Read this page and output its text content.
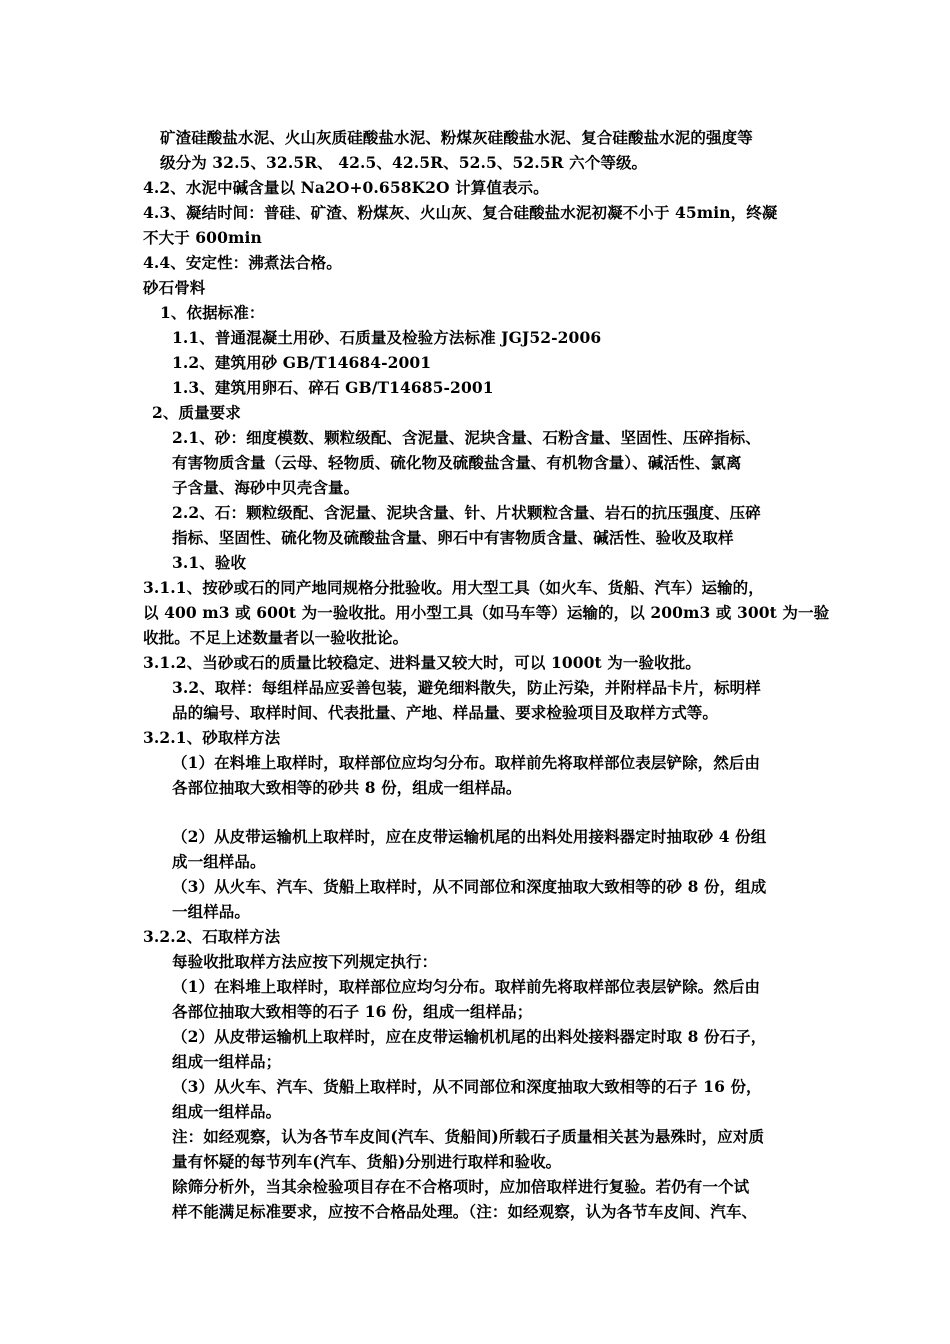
矿渣硅酸盐水泥、火山灰质硅酸盐水泥、粉煤灰硅酸盐水泥、复合硅酸盐水泥的强度等
级分为 32.5、32.5R、 42.5、42.5R、52.5、52.5R 六个等级。
4.2、水泥中碱含量以 Na2O+0.658K2O 计算值表示。
4.3、凝结时间：普硅、矿渣、粉煤灰、火山灰、复合硅酸盐水泥初凝不小于 45min，终凝
不大于 600min
4.4、安定性：沸煮法合格。
砂石骨料
1、依据标准：
1.1、普通混凝土用砂、石质量及检验方法标准 JGJ52-2006
1.2、建筑用砂 GB/T14684-2001
1.3、建筑用卵石、碎石 GB/T14685-2001
2、质量要求
2.1、砂：细度模数、颗粒级配、含泥量、泥块含量、石粉含量、坚固性、压碎指标、
有害物质含量（云母、轻物质、硫化物及硫酸盐含量、有机物含量）、碱活性、氯离
子含量、海砂中贝壳含量。
2.2、石：颗粒级配、含泥量、泥块含量、针、片状颗粒含量、岩石的抗压强度、压碎
指标、坚固性、硫化物及硫酸盐含量、卵石中有害物质含量、碱活性、验收及取样
3.1、验收
3.1.1、按砂或石的同产地同规格分批验收。用大型工具（如火车、货船、汽车）运输的，
以 400 m3 或 600t 为一验收批。用小型工具（如马车等）运输的，以 200m3 或 300t 为一验
收批。不足上述数量者以一验收批论。
3.1.2、当砂或石的质量比较稳定、进料量又较大时，可以 1000t 为一验收批。
3.2、取样：每组样品应妥善包装，避免细料散失，防止污染，并附样品卡片，标明样
品的编号、取样时间、代表批量、产地、样品量、要求检验项目及取样方式等。
3.2.1、砂取样方法
（1）在料堆上取样时，取样部位应均匀分布。取样前先将取样部位表层铲除，然后由
各部位抽取大致相等的砂共 8 份，组成一组样品。
（2）从皮带运输机上取样时，应在皮带运输机尾的出料处用接料器定时抽取砂 4 份组
成一组样品。
（3）从火车、汽车、货船上取样时，从不同部位和深度抽取大致相等的砂 8 份，组成
一组样品。
3.2.2、石取样方法
每验收批取样方法应按下列规定执行：
（1）在料堆上取样时，取样部位应均匀分布。取样前先将取样部位表层铲除。然后由
各部位抽取大致相等的石子 16 份，组成一组样品；
（2）从皮带运输机上取样时，应在皮带运输机机尾的出料处接料器定时取 8 份石子，
组成一组样品；
（3）从火车、汽车、货船上取样时，从不同部位和深度抽取大致相等的石子 16 份，
组成一组样品。
注：如经观察，认为各节车皮间(汽车、货船间)所载石子质量相关甚为悬殊时，应对质
量有怀疑的每节列车(汽车、货船)分别进行取样和验收。
除筛分析外，当其余检验项目存在不合格项时，应加倍取样进行复验。若仍有一个试
样不能满足标准要求，应按不合格品处理。（注：如经观察，认为各节车皮间、汽车、
